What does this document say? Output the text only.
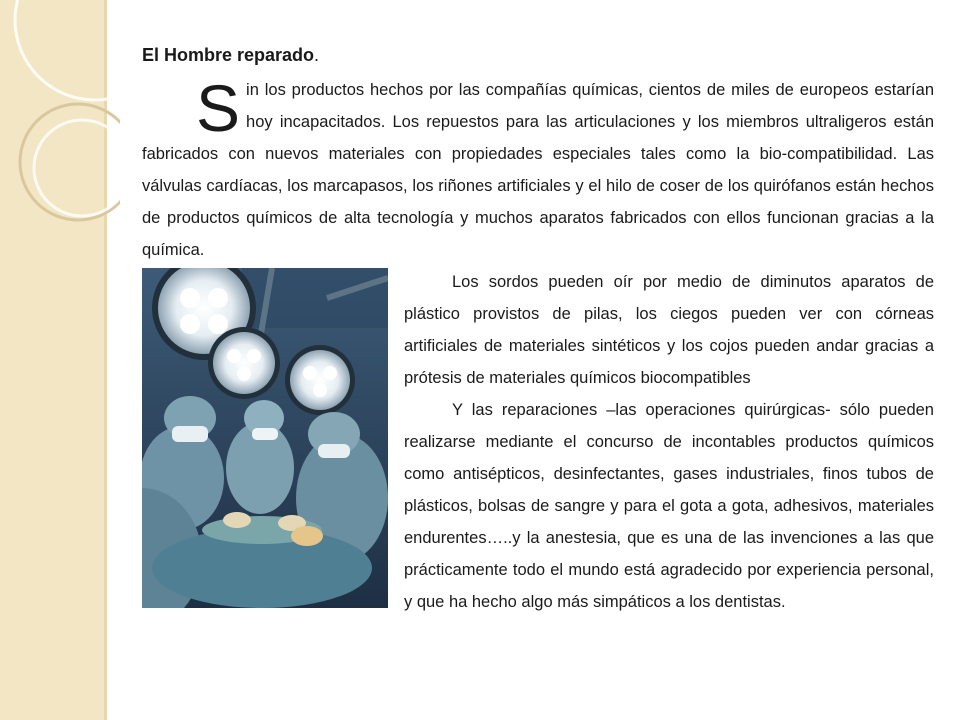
El Hombre reparado.

Sin los productos hechos por las compañías químicas, cientos de miles de europeos estarían hoy incapacitados. Los repuestos para las articulaciones y los miembros ultraligeros están fabricados con nuevos materiales con propiedades especiales tales como la bio-compatibilidad. Las válvulas cardíacas, los marcapasos, los riñones artificiales y el hilo de coser de los quirófanos están hechos de productos químicos de alta tecnología y muchos aparatos fabricados con ellos funcionan gracias a la química.

Los sordos pueden oír por medio de diminutos aparatos de plástico provistos de pilas, los ciegos pueden ver con córneas artificiales de materiales sintéticos y los cojos pueden andar gracias a prótesis de materiales químicos biocompatibles

Y las reparaciones –las operaciones quirúrgicas- sólo pueden realizarse mediante el concurso de incontables productos químicos como antisépticos, desinfectantes, gases industriales, finos tubos de plásticos, bolsas de sangre y para el gota a gota, adhesivos, materiales endurentes…..y la anestesia, que es una de las invenciones a las que prácticamente todo el mundo está agradecido por experiencia personal, y que ha hecho algo más simpáticos a los dentistas.
